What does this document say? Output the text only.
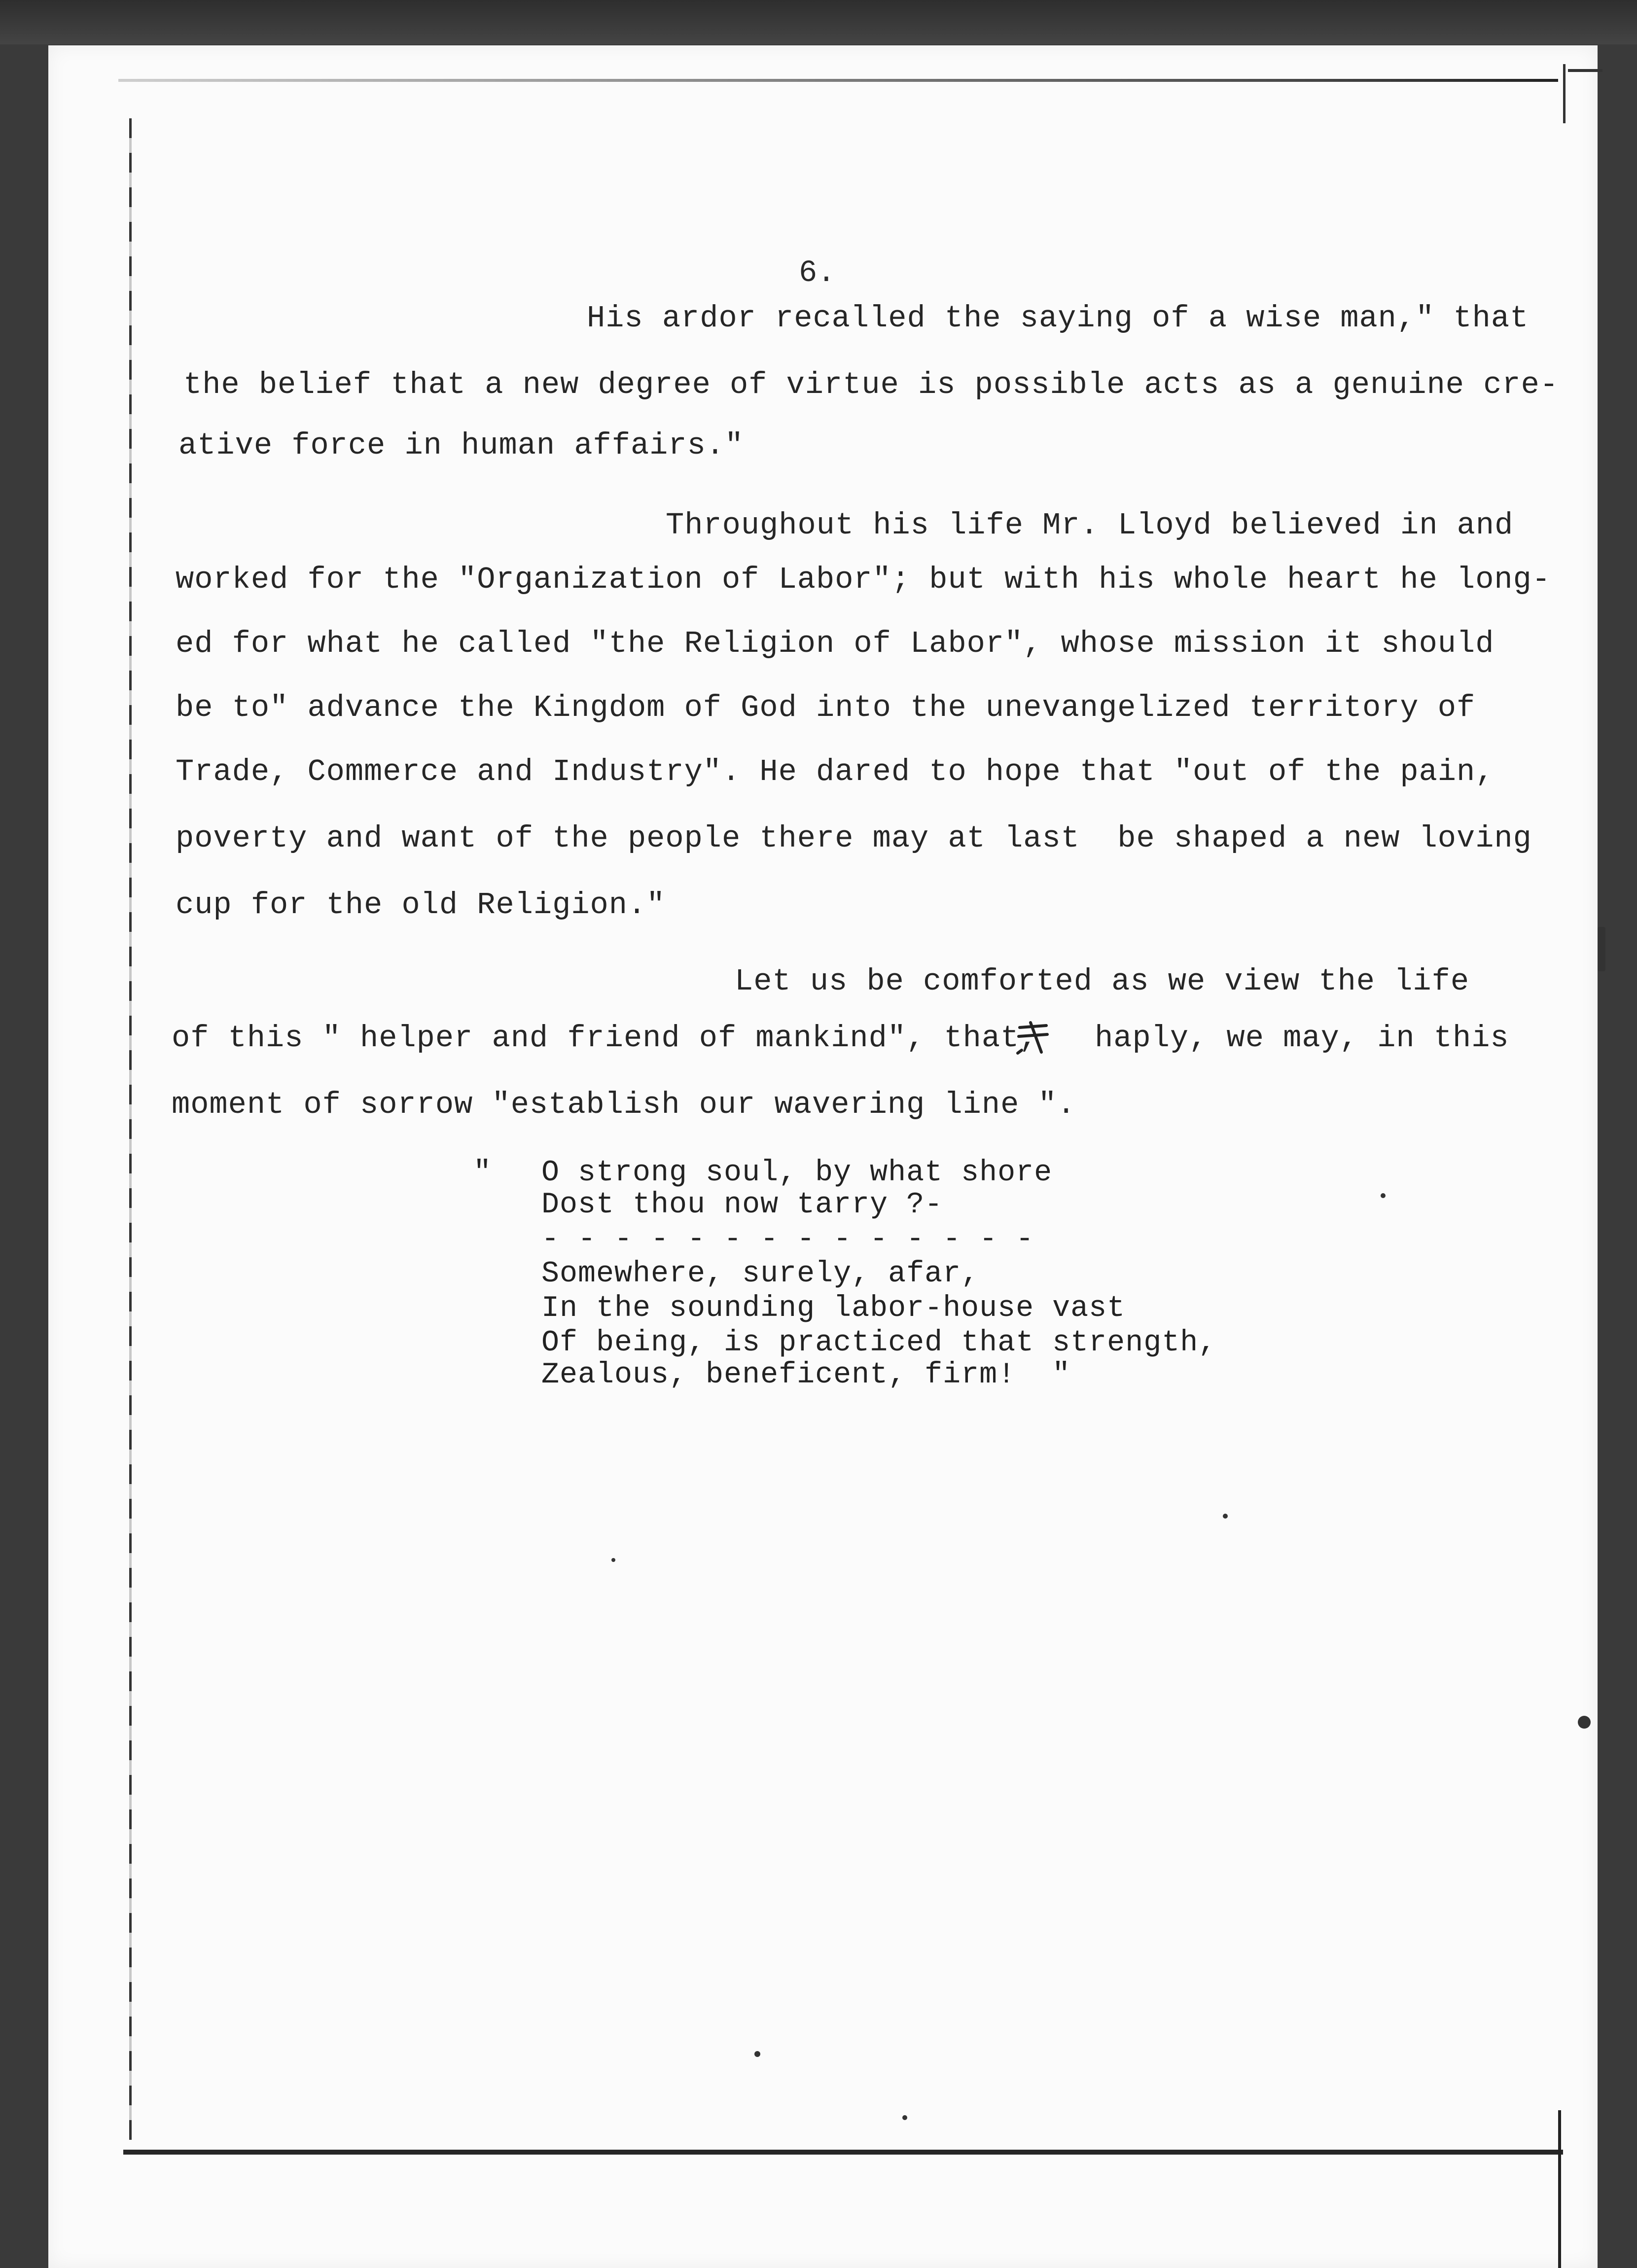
6.
His ardor recalled the saying of a wise man," that
the belief that a new degree of virtue is possible acts as a genuine cre-
ative force in human affairs."
Throughout his life Mr. Lloyd believed in and
worked for the "Organization of Labor"; but with his whole heart he long-
ed for what he called "the Religion of Labor", whose mission it should
be to" advance the Kingdom of God into the unevangelized territory of
Trade, Commerce and Industry". He dared to hope that "out of the pain,
poverty and want of the people there may at last  be shaped a new loving
cup for the old Religion."
Let us be comforted as we view the life
of this " helper and friend of mankind", that,   haply, we may, in this
moment of sorrow "establish our wavering line ".
" O strong soul, by what shore
Dost thou now tarry ?-
- - - - - - - - - - - - - -
Somewhere, surely, afar,
In the sounding labor-house vast
Of being, is practiced that strength,
Zealous, beneficent, firm!  "
